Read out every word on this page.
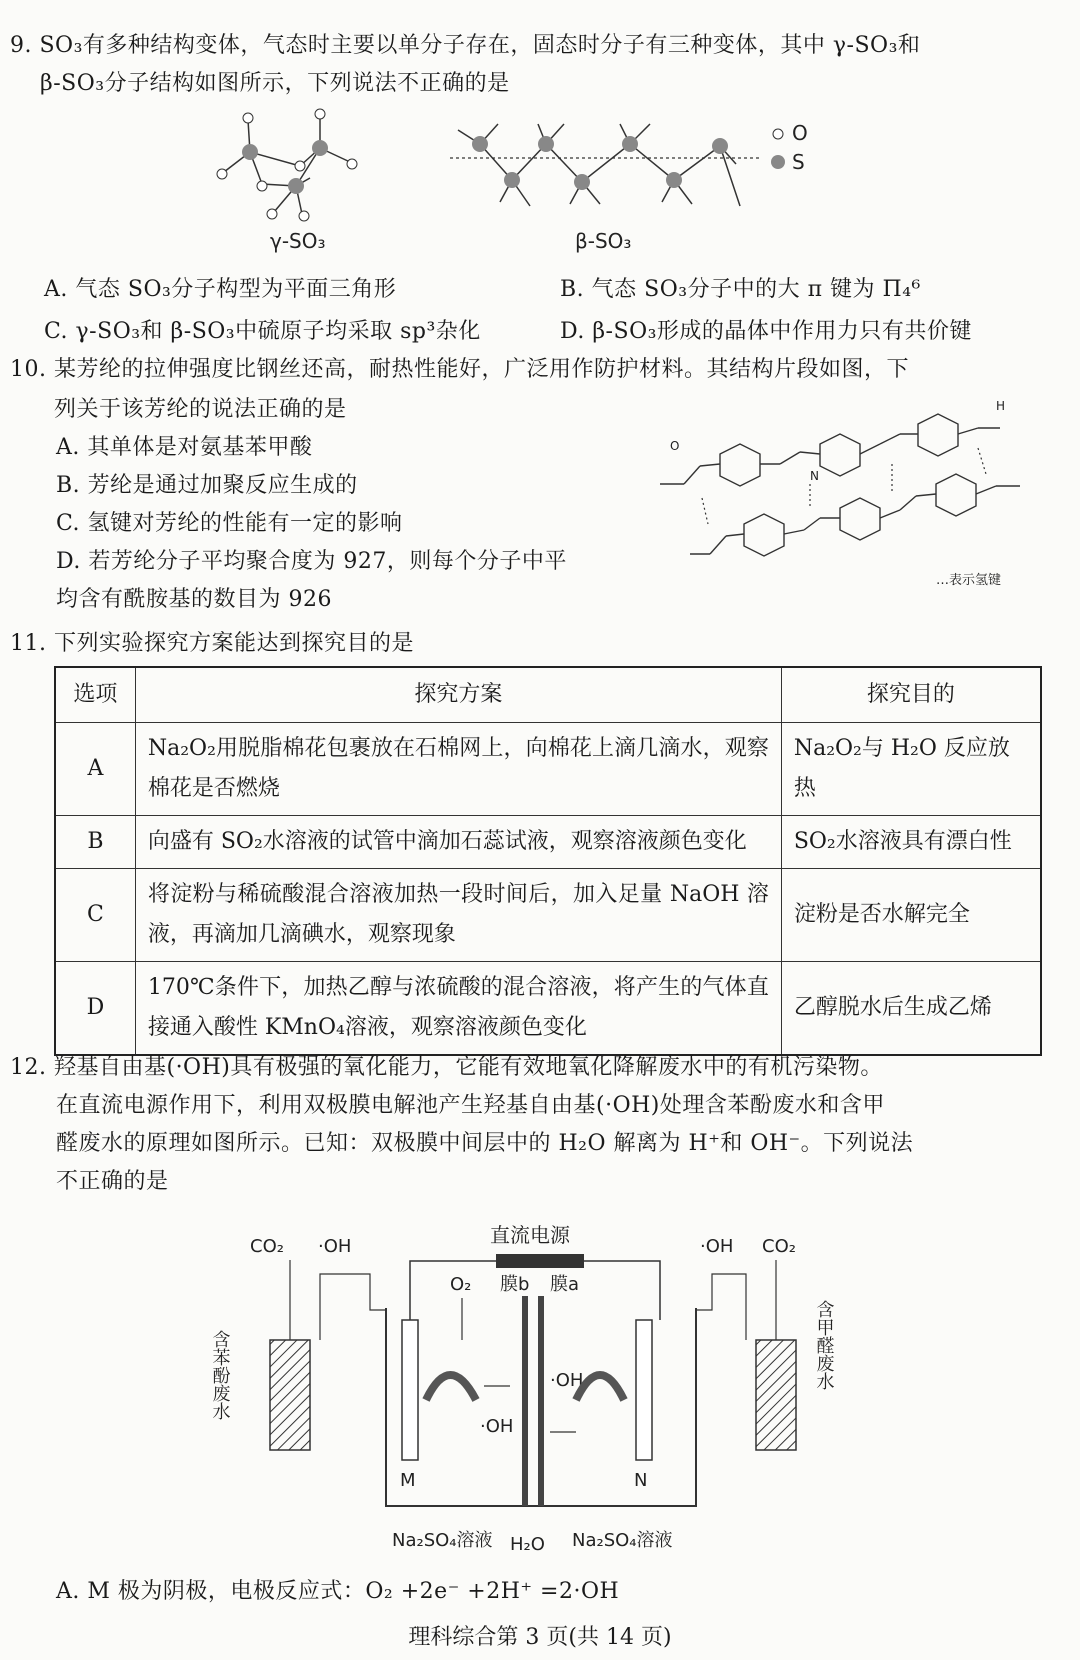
9. SO₃有多种结构变体，气态时主要以单分子存在，固态时分子有三种变体，其中 γ-SO₃和
β-SO₃分子结构如图所示，下列说法不正确的是
γ-SO₃	β-SO₃
O
S
A. 气态 SO₃分子构型为平面三角形	B. 气态 SO₃分子中的大 π 键为 Π₄⁶
C. γ-SO₃和 β-SO₃中硫原子均采取 sp³杂化	D. β-SO₃形成的晶体中作用力只有共价键
10. 某芳纶的拉伸强度比钢丝还高，耐热性能好，广泛用作防护材料。其结构片段如图，下
列关于该芳纶的说法正确的是
A. 其单体是对氨基苯甲酸
B. 芳纶是通过加聚反应生成的
C. 氢键对芳纶的性能有一定的影响
D. 若芳纶分子平均聚合度为 927，则每个分子中平
均含有酰胺基的数目为 926
O
N
H
…表示氢键
11. 下列实验探究方案能达到探究目的是
选项	探究方案	探究目的
A	Na₂O₂用脱脂棉花包裹放在石棉网上，向棉花上滴几滴水，观察棉花是否燃烧	Na₂O₂与 H₂O 反应放热
B	向盛有 SO₂水溶液的试管中滴加石蕊试液，观察溶液颜色变化	SO₂水溶液具有漂白性
C	将淀粉与稀硫酸混合溶液加热一段时间后，加入足量 NaOH 溶液，再滴加几滴碘水，观察现象	淀粉是否水解完全
D	170℃条件下，加热乙醇与浓硫酸的混合溶液，将产生的气体直接通入酸性 KMnO₄溶液，观察溶液颜色变化	乙醇脱水后生成乙烯
12. 羟基自由基(·OH)具有极强的氧化能力，它能有效地氧化降解废水中的有机污染物。
在直流电源作用下，利用双极膜电解池产生羟基自由基(·OH)处理含苯酚废水和含甲
醛废水的原理如图所示。已知：双极膜中间层中的 H₂O 解离为 H⁺和 OH⁻。下列说法
不正确的是
直流电源
M	N
膜b 膜a
O₂
·OH
·OH
Na₂SO₄溶液 H₂O Na₂SO₄溶液
CO₂ ·OH
含苯酚废水
·OH CO₂
含甲醛废水
A. M 极为阴极，电极反应式：O₂ +2e⁻ +2H⁺ =2·OH
理科综合第 3 页(共 14 页)
